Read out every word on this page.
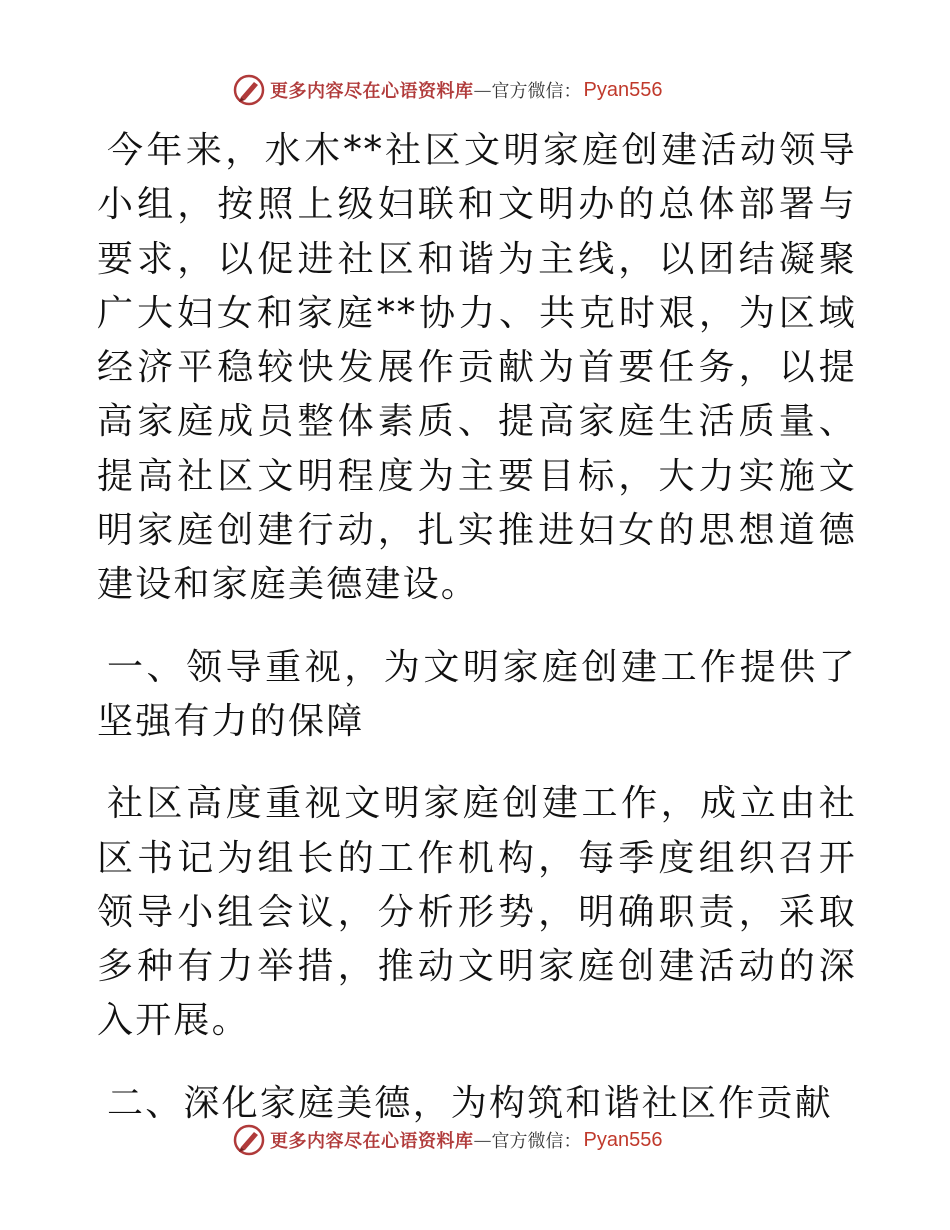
更多内容尽在心语资料库 — 官方微信： Pyan556

今年来，水木**社区文明家庭创建活动领导小组，按照上级妇联和文明办的总体部署与要求，以促进社区和谐为主线，以团结凝聚广大妇女和家庭**协力、共克时艰，为区域经济平稳较快发展作贡献为首要任务，以提高家庭成员整体素质、提高家庭生活质量、提高社区文明程度为主要目标，大力实施文明家庭创建行动，扎实推进妇女的思想道德建设和家庭美德建设。

一、领导重视，为文明家庭创建工作提供了坚强有力的保障

社区高度重视文明家庭创建工作，成立由社区书记为组长的工作机构，每季度组织召开领导小组会议，分析形势，明确职责，采取多种有力举措，推动文明家庭创建活动的深入开展。

二、深化家庭美德，为构筑和谐社区作贡献

更多内容尽在心语资料库 — 官方微信： Pyan556
